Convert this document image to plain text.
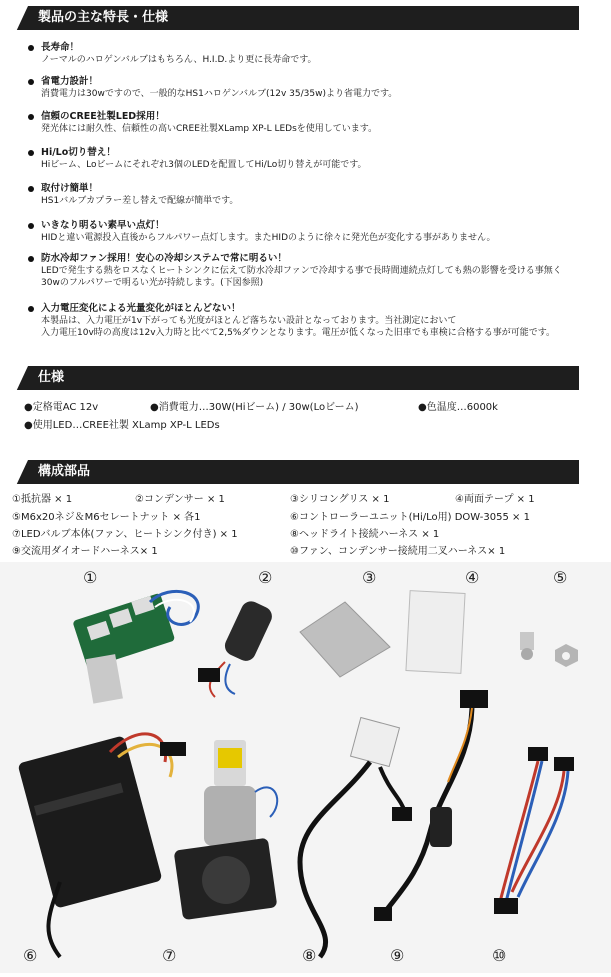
製品の主な特長・仕様
長寿命！
ノーマルのハロゲンバルブはもちろん、H.I.D.より更に長寿命です。
省電力設計！
消費電力は30wですので、一般的なHS1ハロゲンバルブ(12v 35/35w)より省電力です。
信頼のCREE社製LED採用！
発光体には耐久性、信頼性の高いCREE社製XLamp XP-L LEDsを使用しています。
Hi/Lo切り替え！
Hiビーム、Loビームにそれぞれ3個のLEDを配置してHi/Lo切り替えが可能です。
取付け簡単！
HS1バルブカプラー差し替えで配線が簡単です。
いきなり明るい素早い点灯！
HIDと違い電源投入直後からフルパワー点灯します。またHIDのように徐々に発光色が変化する事がありません。
防水冷却ファン採用！安心の冷却システムで常に明るい！
LEDで発生する熱をロスなくヒートシンクに伝えて防水冷却ファンで冷却する事で長時間連続点灯しても熱の影響を受ける事無く
30wのフルパワーで明るい光が持続します。(下図参照)
入力電圧変化による光量変化がほとんどない！
本製品は、入力電圧が1v下がっても光度がほとんど落ちない設計となっております。当社測定において
入力電圧10v時の高度は12v入力時と比べて2,5%ダウンとなります。電圧が低くなった旧車でも車検に合格する事が可能です。
仕様
●定格電AC 12v	●消費電力…30W(Hiビーム) / 30w(Loビーム)	●色温度…6000k
●使用LED…CREE社製 XLamp XP-L LEDs
構成部品
①抵抗器 × 1	②コンデンサー × 1	③シリコングリス × 1	④両面テープ × 1
⑤M6x20ネジ＆M6セレートナット × 各1	⑥コントローラーユニット(Hi/Lo用) DOW-3055 × 1
⑦LEDバルブ本体(ファン、ヒートシンク付き) × 1	⑧ヘッドライト接続ハーネス × 1
⑨交流用ダイオードハーネス× 1	⑩ファン、コンデンサー接続用二叉ハーネス× 1
①	②	③	④	⑤
⑥	⑦	⑧	⑨	⑩
